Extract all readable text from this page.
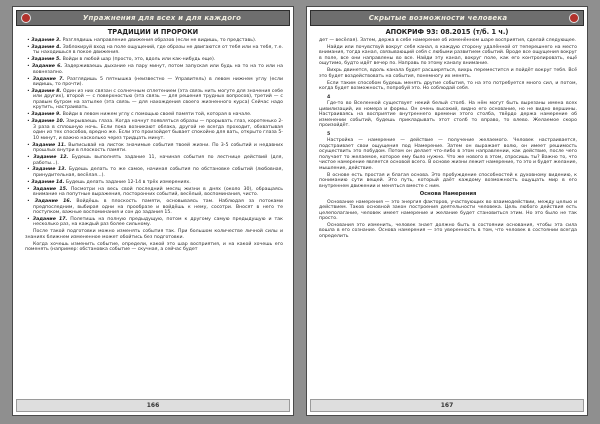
Упражнения для всех и для каждого
ТРАДИЦИИ И ПРОРОКИ

• Задание 3. Разглядишь направление движения образов (если не видишь, то представь).

• Задание 4. Заблокируй вход на поле ощущений, где образы не двигаются от тебя или на тебя, т.е. ты находишься в покое движения.

• Задание 5. Войди в любой шар (просто, это, вдоль или как-нибудь еще).

• Задание 6. Задерживаешь дыхание на пару минут, потом запуская или будь на то на то или на вовнезапно.

• Задание 7. Разглядишь 5 пятнышка (неизвестно — Управитель) в левом нижнем углу (если видишь, то прочти).

• Задание 8. Один из них связан с солнечным сплетением (эта связь нить могуте для значения себе или других), второй — с поверхностью (эта связь — для решения трудных вопросов), третий — с правым бугром на затылке (эта связь — для нахождения своего жизненного курса) Сейчас надо крутить, настраивать.

• Задание 9. Войди в левом нижем углу с помощью своей памяти той, которая в начале.

• Задание 10. Закрываешь глаза. Когда начнут появляться образы — прорывать глаз, коротенько 2-3 раза в сплошную ночь. Если пока возникают облака, другой не всегда проходит, обхватывая один из тех способов, вредно же. Если это произойдет бывает спокойно для вать, открыто глаза 5-10 минут, и важно насколько через тридцать минут.

• Задание 11. Выписывай на листок значимые события твоей жизни. По 3-5 событий и недавних прошлых внутри в плоскость памяти.

• Задание 12. Будешь выполнять задание 11, начиная события по лестнице действий (для, работы...).

• Задание 13. Будешь делать то же самое, начиная события по обстановке событий (любовная, принудительная, весёлая...).

• Задание 14. Будешь делать задание 12-14 в трёх измерениях.

• Задание 15. Посмотри на весь свой последний месяц жизни в днях (около 30), обращаясь внимание на попутные выражения, посторонних событий, весёлый, воспоминания, чисто.

• Задание 16. Войдёшь в плоскость памяти, основываясь там. Наблюдая за потоками предпоследним, выбирая одни на прообразе и войдёшь к нему, сосотри. Вносят в него те поступком, важные воспоминания и сон до задания 15.

• Задание 17. Полетишь на полную предыдущую, потом к другому самую предыдущую и так несколько раз, на каждый раз более сильному.

После такой подготовки можно изменять события так. При большом количестве личной силы и знаниях ближнем измененное может обойтись без подготовки.

Когда хочешь изменить событие, определи, какой это шар восприятия, и на какой хочешь его поменять (например: обстановка событие — скучная, а сейчас будет

166
Скрытые возможности человека
АПОКРИФ 93: 08.2015 (т/б. 1 ч.)

дет — весёлая). Затем, держа в себе намерение об изменённом шаре восприятия, сделай следующее.

Найди или почувствуй вокруг себя канал, в каждую сторону удалённой от теперешнего на место внимания, тогда канал, связывающий себя с любыми развитием событий. Вроде все ощущения вокруг в поле, все они направлены во все. Найди эту канал, вокруг поле, как его контролировать, ещё ощутимо, будто идёт вечер по. Направь по этому каналу внимание.

Вихрь двинется, вдоль канала будет расширяться, вихрь переместится и пойдёт вокруг тебя. Всё это будет воздействовать на события, понемногу их менять.

Если таким способом будешь менять другие события, то на это потребуется много сил, и потом, когда будет возможность, попробуй это. Но соблюдай себя.

4

Где-то во Вселенной существует некий белый столб. На нём могут быть вырезаны имена всех цивилизаций, их номера и формы. Он очень высокий, видно его основание, но не видно вершины. Настраиваясь на восприятие внутреннего времени этого столба, твёрдо держа намерение об изменении событий, будешь прикладывать этот столб то вправо, то влево. Желаемое скоро произойдёт.

5

Настройка — намерение — действие — получение желаемого. Человек настраивается, подстраивает свои ощущения под Намерение. Затем он выражает волю, он имеет решимость осуществить это побудом. Потом он делает что-либо в этом направлении, как действие, после чего получает то желаемое, которое ему было нужно. Что же нового в этом, спросишь ты? Важно то, что чистое намерение является основой всего. В основе жизни лежит намерение, то это и будет желание, мышление, действие.

В основе есть простая и благая основа. Это пробуждение способностей к духовному видению, к пониманию сути вещей. Это путь, который даёт каждому возможность ощущать мир в его внутреннем движении и меняться вместе с ним.

Основа Намерения

Основание намерения — это энергия факторов, участвующих во взаимодействии, между целью и действием. Таков основной закон построения деятельности человека. Цель любого действия есть целеполагание, человек имеет намерение и желание будет становиться этим. Но это было не так просто.

Основания это изменить, человек знает должно быть в состоянии основания, чтобы эта сила вошла в его сознание. Основа намерения — это уверенность в том, что человек в состоянии всегда определить

167
